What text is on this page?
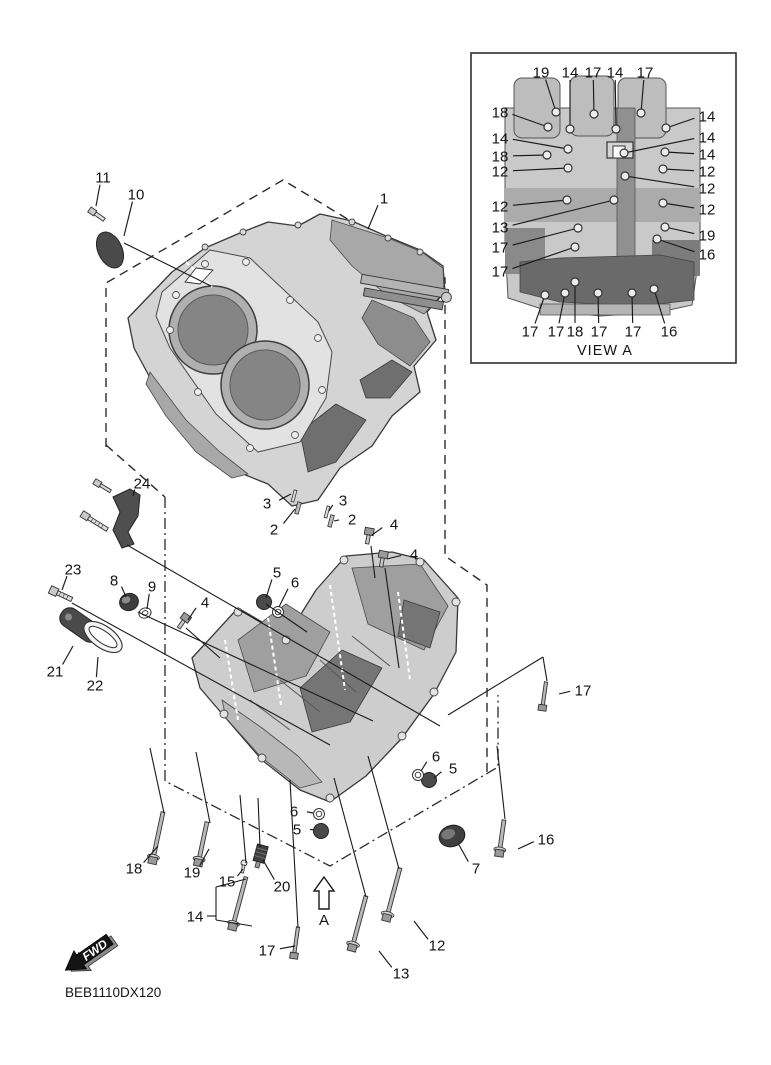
11
10	1
24
3
2
3
2 4
4
4
23
8 9
5
6
21
22	17
6
5
6
5
16
7
18	19
15	20
14
17
13
12
19 14 17 14 17
18
14
18
12
12
13
17
17
14
14
14
12
12
12
19
16
17 17 18 17 17 16
VIEW A
A
FWD
BEB1110DX120
